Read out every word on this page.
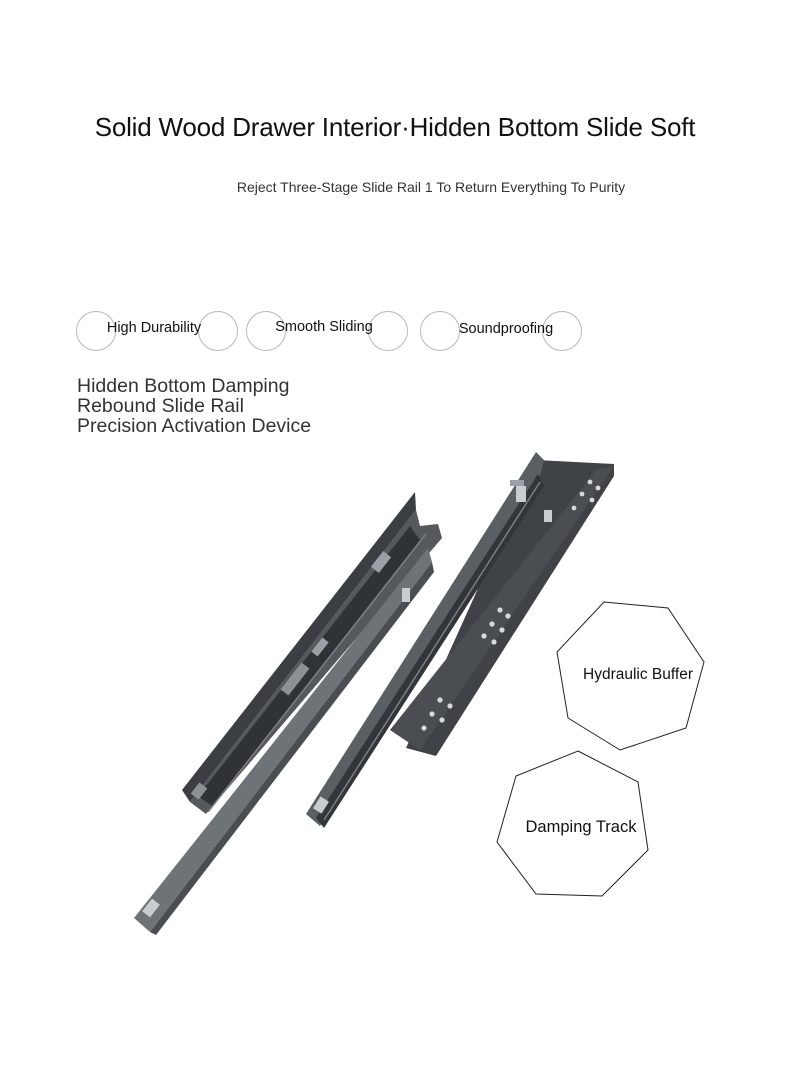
Solid Wood Drawer Interior·Hidden Bottom Slide Soft

Reject Three-Stage Slide Rail 1 To Return Everything To Purity

High Durability	Smooth Sliding	Soundproofing
Hidden Bottom Damping
Rebound Slide Rail
Precision Activation Device
Hydraulic Buffer
Damping Track
